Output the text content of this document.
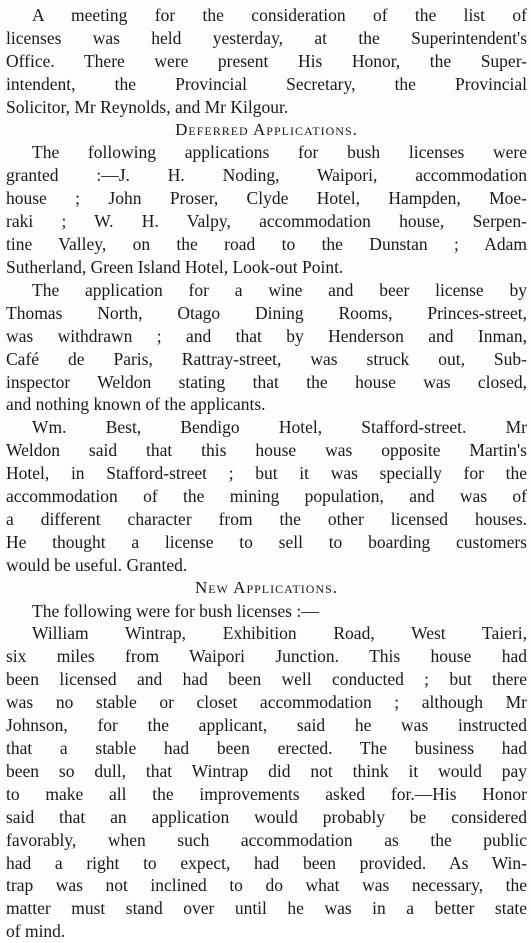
A meeting for the consideration of the list of
licenses was held yesterday, at the Superintendent's
Office. There were present His Honor, the Super-
intendent, the Provincial Secretary, the Provincial
Solicitor, Mr Reynolds, and Mr Kilgour.

Deferred Applications.

The following applications for bush licenses were
granted :—J. H. Noding, Waipori, accommodation
house ; John Proser, Clyde Hotel, Hampden, Moe-
raki ; W. H. Valpy, accommodation house, Serpen-
tine Valley, on the road to the Dunstan ; Adam
Sutherland, Green Island Hotel, Look-out Point.

The application for a wine and beer license by
Thomas North, Otago Dining Rooms, Princes-street,
was withdrawn ; and that by Henderson and Inman,
Café de Paris, Rattray-street, was struck out, Sub-
inspector Weldon stating that the house was closed,
and nothing known of the applicants.

Wm. Best, Bendigo Hotel, Stafford-street. Mr
Weldon said that this house was opposite Martin's
Hotel, in Stafford-street ; but it was specially for the
accommodation of the mining population, and was of
a different character from the other licensed houses.
He thought a license to sell to boarding customers
would be useful. Granted.

New Applications.

The following were for bush licenses :—

William Wintrap, Exhibition Road, West Taieri,
six miles from Waipori Junction. This house had
been licensed and had been well conducted ; but there
was no stable or closet accommodation ; although Mr
Johnson, for the applicant, said he was instructed
that a stable had been erected. The business had
been so dull, that Wintrap did not think it would pay
to make all the improvements asked for.—His Honor
said that an application would probably be considered
favorably, when such accommodation as the public
had a right to expect, had been provided. As Win-
trap was not inclined to do what was necessary, the
matter must stand over until he was in a better state
of mind.
